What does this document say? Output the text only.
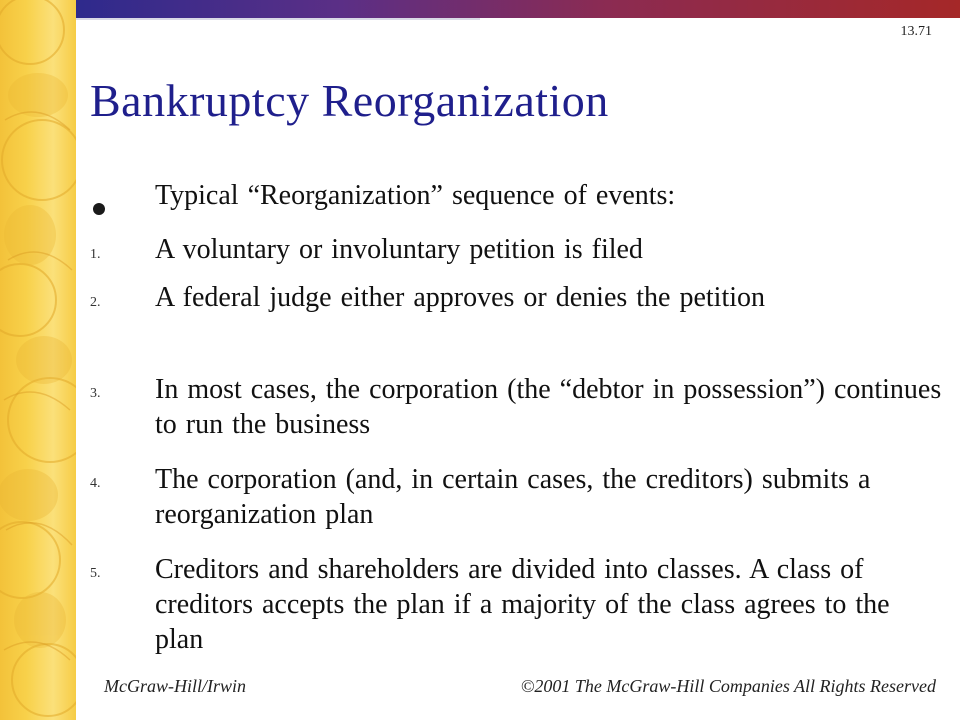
13.71
Bankruptcy Reorganization

Typical “Reorganization” sequence of events:

1. A voluntary or involuntary petition is filed

2. A federal judge either approves or denies the petition

3. In most cases, the corporation (the “debtor in possession”) continues to run the business

4. The corporation (and, in certain cases, the creditors) submits a reorganization plan

5. Creditors and shareholders are divided into classes. A class of creditors accepts the plan if a majority of the class agrees to the plan

McGraw-Hill/Irwin	©2001 The McGraw-Hill Companies All Rights Reserved
